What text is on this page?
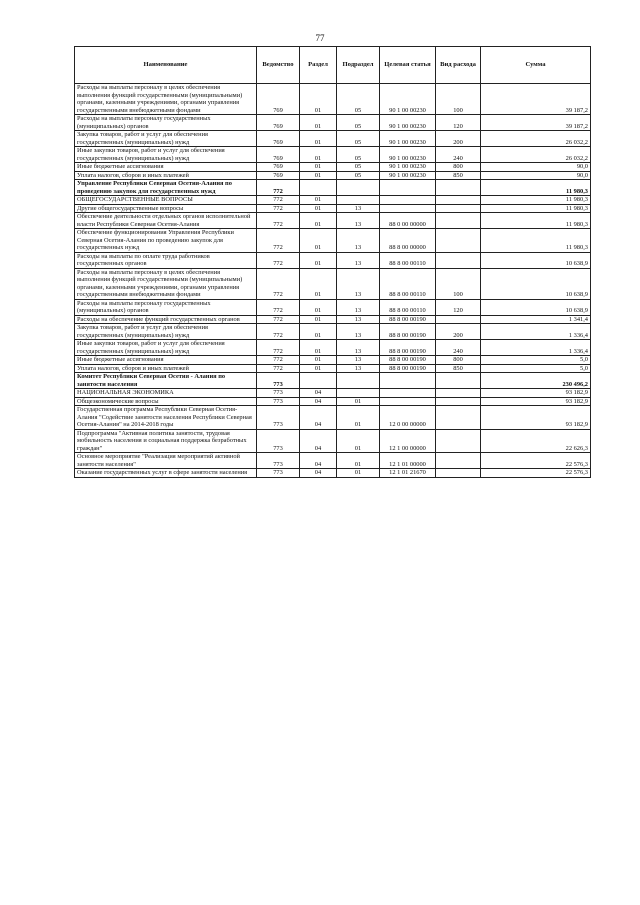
77
Наименование	Ведомство	Раздел	Подраздел	Целевая статья	Вид расхода	Сумма
Расходы на выплаты персоналу в целях обеспечения выполнения функций государственными (муниципальными) органами, казенными учреждениями, органами управления государственными внебюджетными фондами	769	01	05	90 1 00 00230	100	39 187,2
Расходы на выплаты персоналу государственных (муниципальных) органов	769	01	05	90 1 00 00230	120	39 187,2
Закупка товаров, работ и услуг для обеспечения государственных (муниципальных) нужд	769	01	05	90 1 00 00230	200	26 032,2
Иные закупки товаров, работ и услуг для обеспечения государственных (муниципальных) нужд	769	01	05	90 1 00 00230	240	26 032,2
Иные бюджетные ассигнования	769	01	05	90 1 00 00230	800	90,0
Уплата налогов, сборов и иных платежей	769	01	05	90 1 00 00230	850	90,0
Управление Республики Северная Осетия-Алания по проведению закупок для государственных нужд	772					11 980,3
ОБЩЕГОСУДАРСТВЕННЫЕ ВОПРОСЫ	772	01				11 980,3
Другие общегосударственные вопросы	772	01	13			11 980,3
Обеспечение деятельности отдельных органов исполнительной власти Республики Северная Осетия-Алания	772	01	13	88 0 00 00000		11 980,3
Обеспечение функционирования Управления Республики Северная Осетия-Алания по проведению закупок для государственных нужд	772	01	13	88 8 00 00000		11 980,3
Расходы на выплаты по оплате труда работников государственных органов	772	01	13	88 8 00 00110		10 638,9
Расходы на выплаты персоналу в целях обеспечения выполнения функций государственными (муниципальными) органами, казенными учреждениями, органами управления государственными внебюджетными фондами	772	01	13	88 8 00 00110	100	10 638,9
Расходы на выплаты персоналу государственных (муниципальных) органов	772	01	13	88 8 00 00110	120	10 638,9
Расходы на обеспечение функций государственных органов	772	01	13	88 8 00 00190		1 341,4
Закупка товаров, работ и услуг для обеспечения государственных (муниципальных) нужд	772	01	13	88 8 00 00190	200	1 336,4
Иные закупки товаров, работ и услуг для обеспечения государственных (муниципальных) нужд	772	01	13	88 8 00 00190	240	1 336,4
Иные бюджетные ассигнования	772	01	13	88 8 00 00190	800	5,0
Уплата налогов, сборов и иных платежей	772	01	13	88 8 00 00190	850	5,0
Комитет Республики Северная Осетия - Алания по занятости населения	773					230 496,2
НАЦИОНАЛЬНАЯ ЭКОНОМИКА	773	04				93 182,9
Общеэкономические вопросы	773	04	01			93 182,9
Государственная программа Республики Северная Осетия-Алания "Содействие занятости населения Республики Северная Осетия-Алания" на 2014-2018 годы	773	04	01	12 0 00 00000		93 182,9
Подпрограмма "Активная политика занятости, трудовая мобильность населения и социальная поддержка безработных граждан"	773	04	01	12 1 00 00000		22 626,3
Основное мероприятие "Реализация мероприятий активной занятости населения"	773	04	01	12 1 01 00000		22 576,3
Оказание государственных услуг в сфере занятости населения	773	04	01	12 1 01 21670		22 576,3
